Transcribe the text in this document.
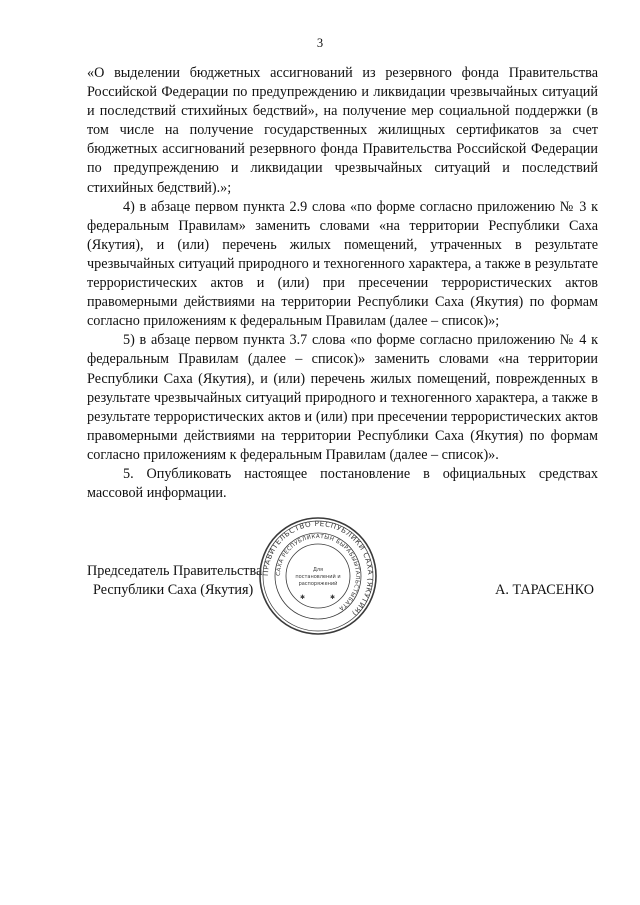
3

«О выделении бюджетных ассигнований из резервного фонда Правительства Российской Федерации по предупреждению и ликвидации чрезвычайных ситуаций и последствий стихийных бедствий», на получение мер социальной поддержки (в том числе на получение государственных жилищных сертификатов за счет бюджетных ассигнований резервного фонда Правительства Российской Федерации по предупреждению и ликвидации чрезвычайных ситуаций и последствий стихийных бедствий).»;

4) в абзаце первом пункта 2.9 слова «по форме согласно приложению № 3 к федеральным Правилам» заменить словами «на территории Республики Саха (Якутия), и (или) перечень жилых помещений, утраченных в результате чрезвычайных ситуаций природного и техногенного характера, а также в результате террористических актов и (или) при пресечении террористических актов правомерными действиями на территории Республики Саха (Якутия) по формам согласно приложениям к федеральным Правилам (далее – список)»;

5) в абзаце первом пункта 3.7 слова «по форме согласно приложению № 4 к федеральным Правилам (далее – список)» заменить словами «на территории Республики Саха (Якутия), и (или) перечень жилых помещений, поврежденных в результате чрезвычайных ситуаций природного и техногенного характера, а также в результате террористических актов и (или) при пресечении террористических актов правомерными действиями на территории Республики Саха (Якутия) по формам согласно приложениям к федеральным Правилам (далее – список)».

5. Опубликовать настоящее постановление в официальных средствах массовой информации.

Председатель Правительства
Республики Саха (Якутия)	А. ТАРАСЕНКО
ПРАВИТЕЛЬСТВО РЕСПУБЛИКИ САХА (ЯКУТИЯ)
САХА РЕСПУБЛИКАТЫН БЫРАБЫЫТАЛЬСТЫБАТА
Для
постановлений и
распоряжений
✱	✱
